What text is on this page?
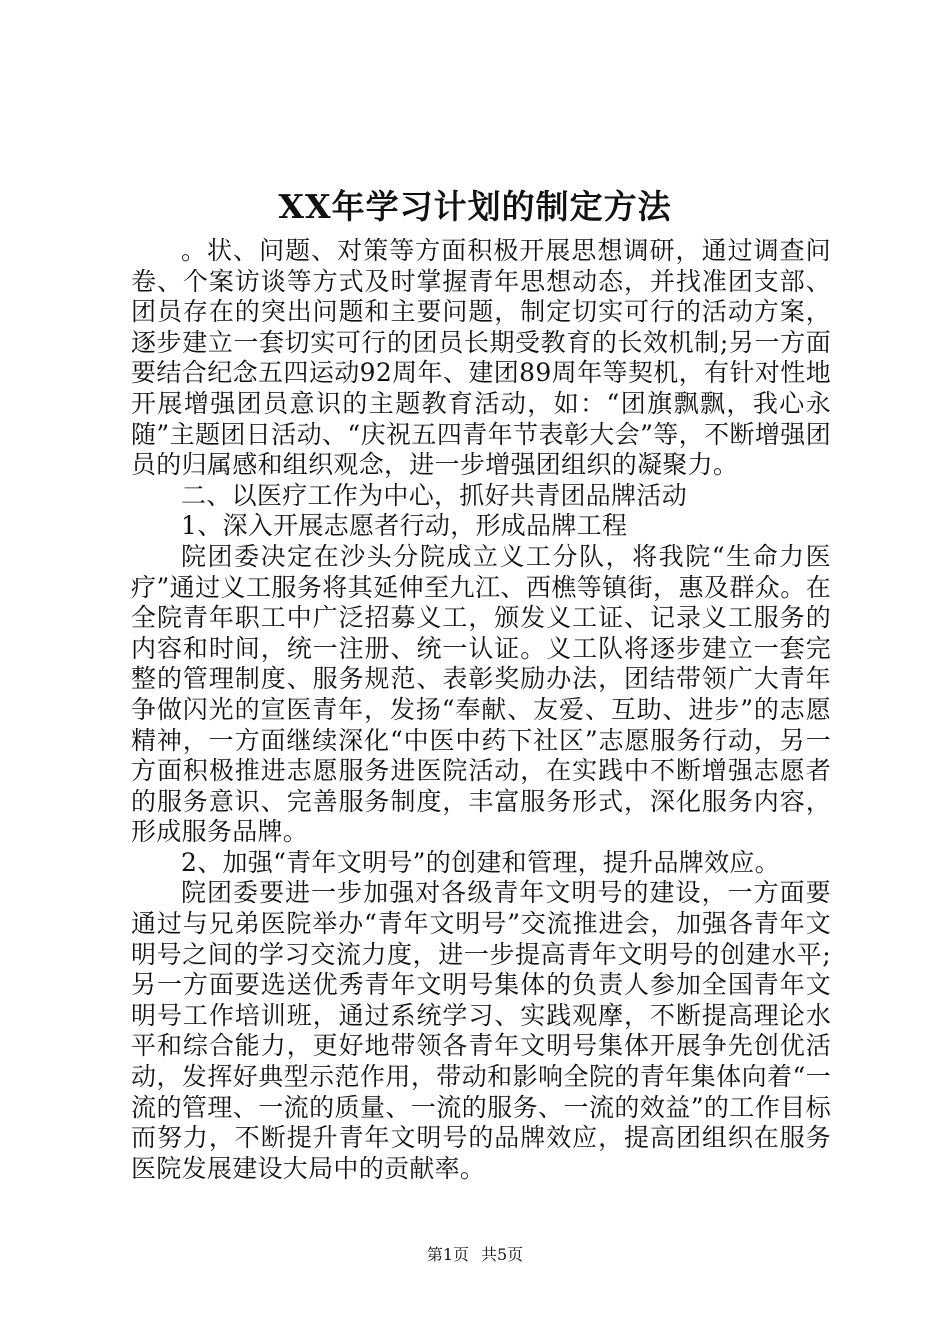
XX年学习计划的制定方法

。状、问题、对策等方面积极开展思想调研，通过调查问卷、个案访谈等方式及时掌握青年思想动态，并找准团支部、团员存在的突出问题和主要问题，制定切实可行的活动方案，逐步建立一套切实可行的团员长期受教育的长效机制;另一方面要结合纪念五四运动92周年、建团89周年等契机，有针对性地开展增强团员意识的主题教育活动，如：“团旗飘飘，我心永随”主题团日活动、“庆祝五四青年节表彰大会”等，不断增强团员的归属感和组织观念，进一步增强团组织的凝聚力。

二、以医疗工作为中心，抓好共青团品牌活动

1、深入开展志愿者行动，形成品牌工程

院团委决定在沙头分院成立义工分队，将我院“生命力医疗”通过义工服务将其延伸至九江、西樵等镇街，惠及群众。在全院青年职工中广泛招募义工，颁发义工证、记录义工服务的内容和时间，统一注册、统一认证。义工队将逐步建立一套完整的管理制度、服务规范、表彰奖励办法，团结带领广大青年争做闪光的宣医青年，发扬“奉献、友爱、互助、进步”的志愿精神，一方面继续深化“中医中药下社区”志愿服务行动，另一方面积极推进志愿服务进医院活动，在实践中不断增强志愿者的服务意识、完善服务制度，丰富服务形式，深化服务内容，形成服务品牌。

2、加强“青年文明号”的创建和管理，提升品牌效应。

院团委要进一步加强对各级青年文明号的建设，一方面要通过与兄弟医院举办“青年文明号”交流推进会，加强各青年文明号之间的学习交流力度，进一步提高青年文明号的创建水平;另一方面要选送优秀青年文明号集体的负责人参加全国青年文明号工作培训班，通过系统学习、实践观摩，不断提高理论水平和综合能力，更好地带领各青年文明号集体开展争先创优活动，发挥好典型示范作用，带动和影响全院的青年集体向着“一流的管理、一流的质量、一流的服务、一流的效益”的工作目标而努力，不断提升青年文明号的品牌效应，提高团组织在服务医院发展建设大局中的贡献率。

第1页 共5页
